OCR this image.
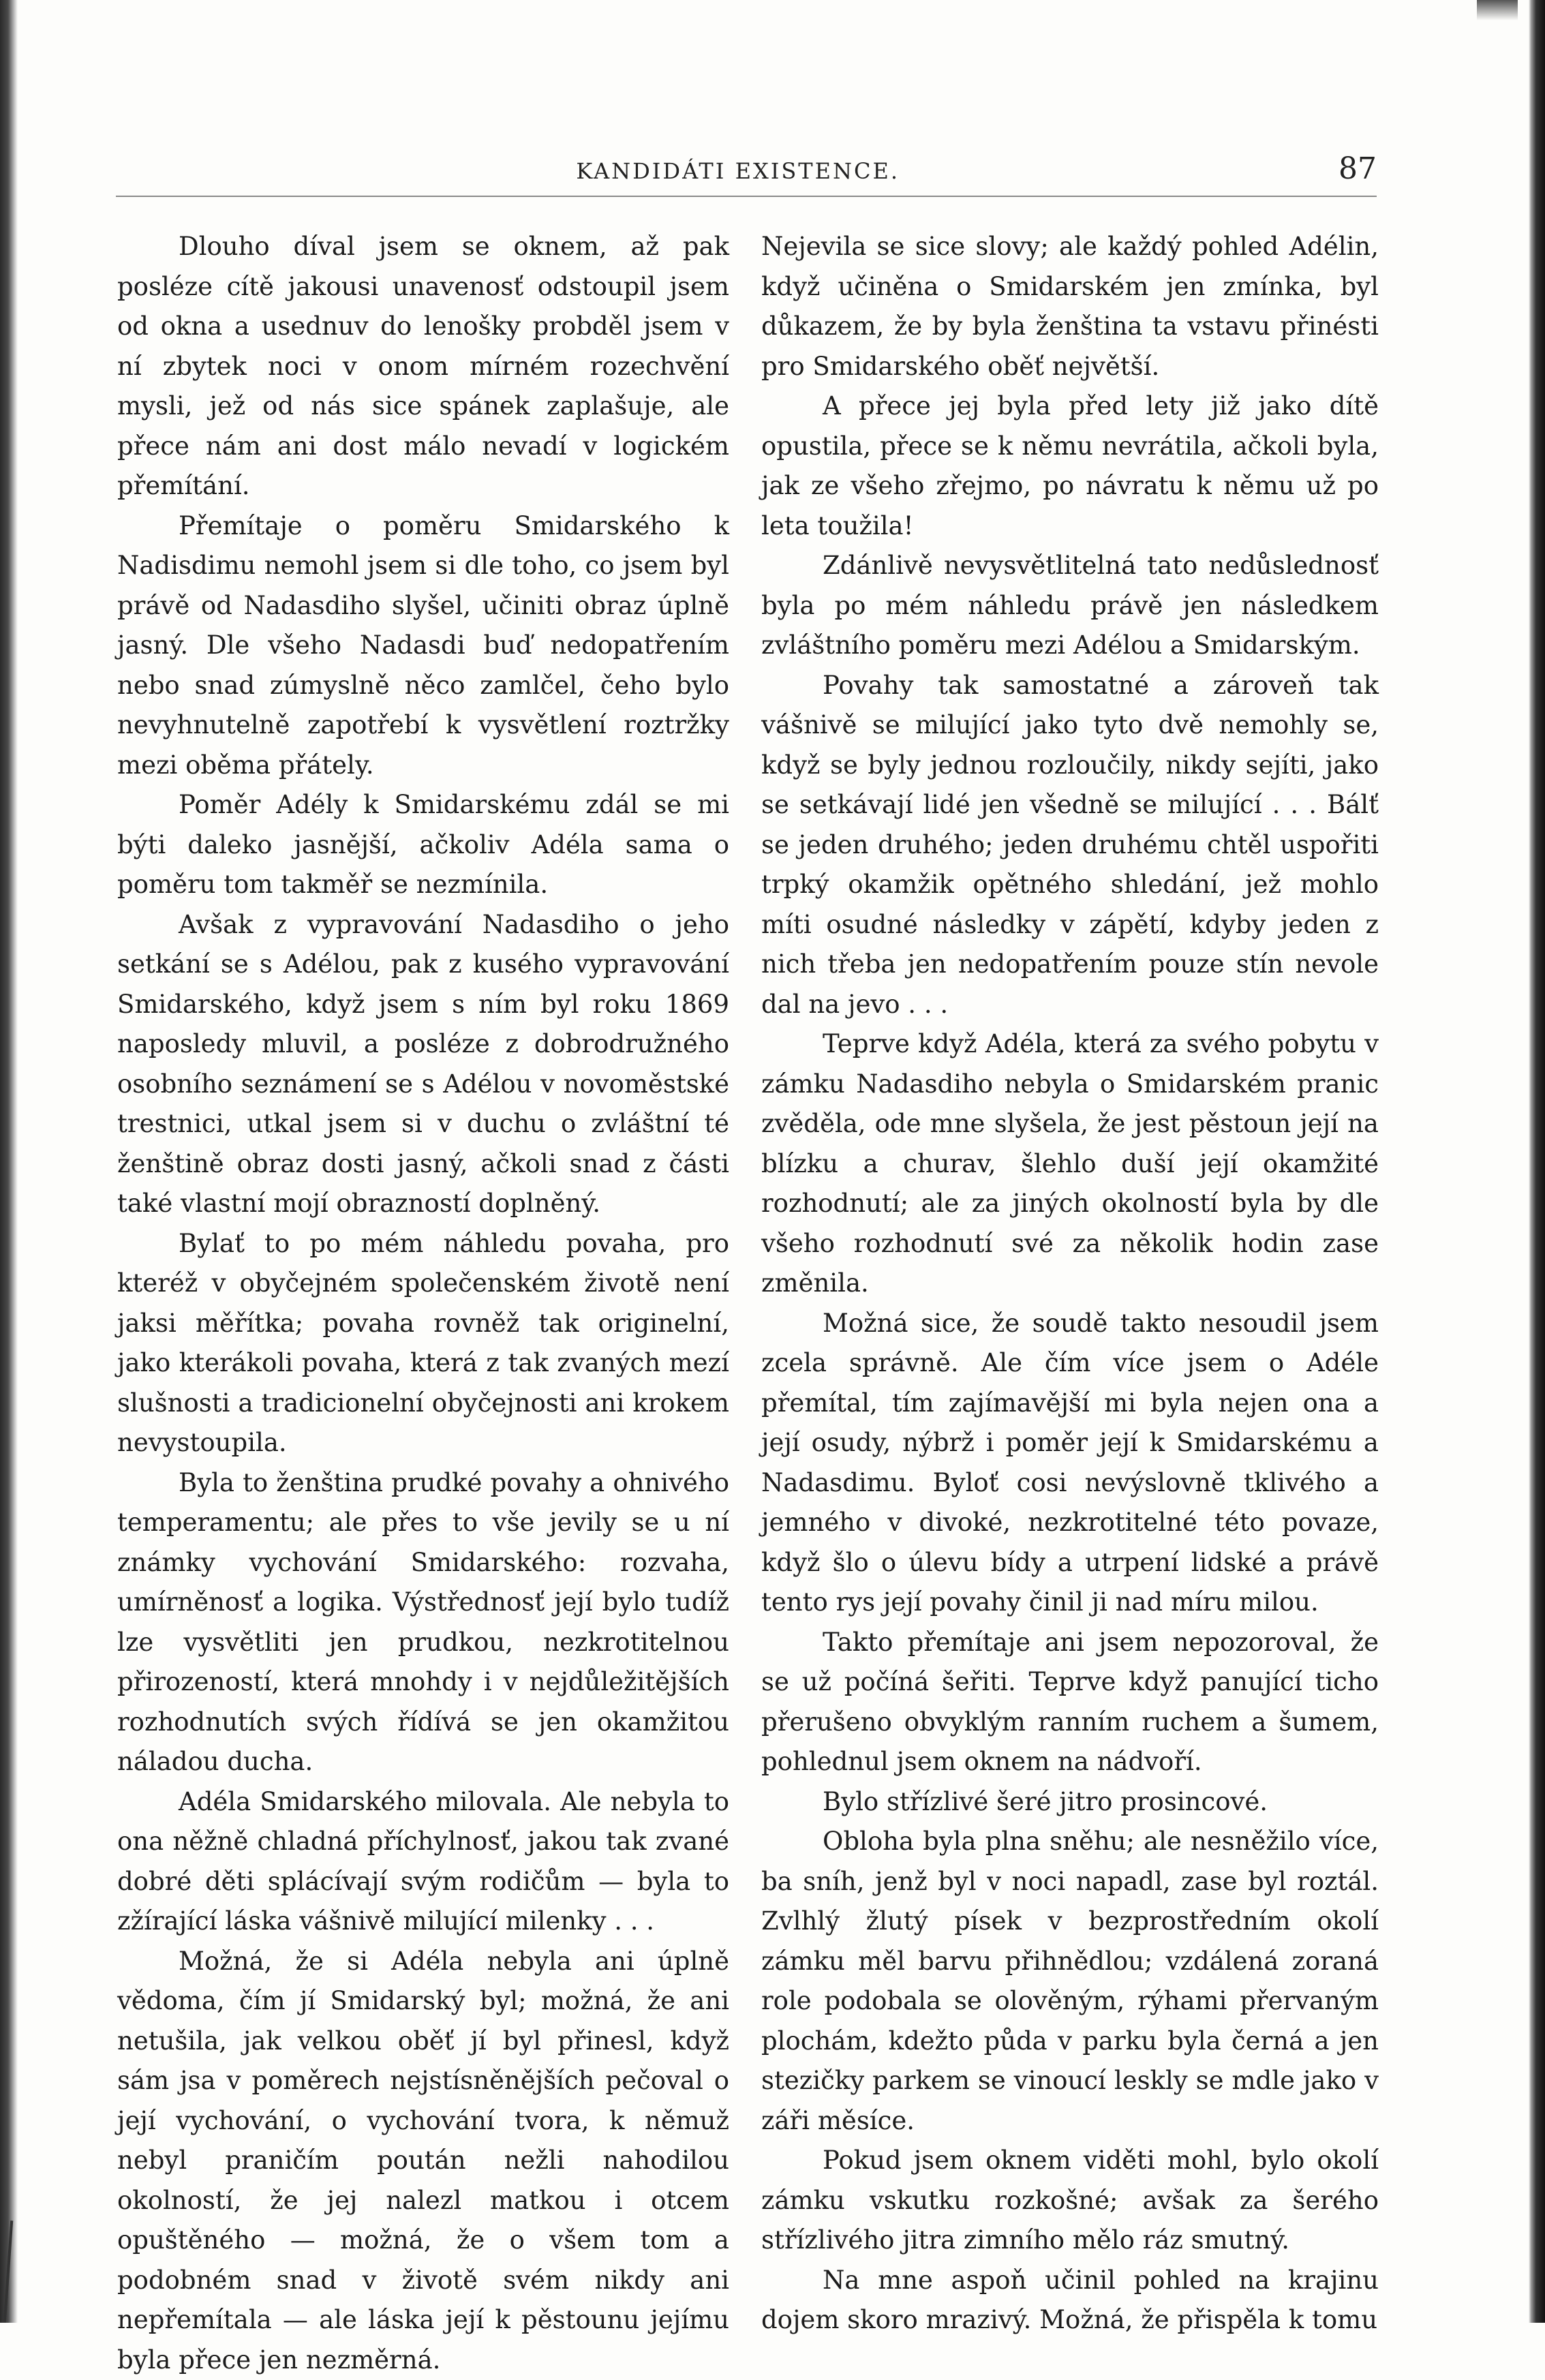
KANDIDÁTI EXISTENCE.	87

Dlouho díval jsem se oknem, až pak posléze cítě jakousi unavenosť odstoupil jsem od okna a usednuv do lenošky probděl jsem v ní zbytek noci v onom mírném rozechvění mysli, jež od nás sice spánek zaplašuje, ale přece nám ani dost málo nevadí v logickém přemítání.

Přemítaje o poměru Smidarského k Nadisdimu nemohl jsem si dle toho, co jsem byl právě od Nadasdiho slyšel, učiniti obraz úplně jasný. Dle všeho Nadasdi buď nedopatřením nebo snad zúmyslně něco zamlčel, čeho bylo nevyhnutelně zapotřebí k vysvětlení roztržky mezi oběma přátely.

Poměr Adély k Smidarskému zdál se mi býti daleko jasnější, ačkoliv Adéla sama o poměru tom takměř se nezmínila.

Avšak z vypravování Nadasdiho o jeho setkání se s Adélou, pak z kusého vypravování Smidarského, když jsem s ním byl roku 1869 naposledy mluvil, a posléze z dobrodružného osobního seznámení se s Adélou v novoměstské trestnici, utkal jsem si v duchu o zvláštní té ženštině obraz dosti jasný, ačkoli snad z části také vlastní mojí obrazností doplněný.

Bylať to po mém náhledu povaha, pro kteréž v obyčejném společenském životě není jaksi měřítka; povaha rovněž tak originelní, jako kterákoli povaha, která z tak zvaných mezí slušnosti a tradicionelní obyčejnosti ani krokem nevystoupila.

Byla to ženština prudké povahy a ohnivého temperamentu; ale přes to vše jevily se u ní známky vychování Smidarského: rozvaha, umírněnosť a logika. Výstřednosť její bylo tudíž lze vysvětliti jen prudkou, nezkrotitelnou přirozeností, která mnohdy i v nejdůležitějších rozhodnutích svých řídívá se jen okamžitou náladou ducha.

Adéla Smidarského milovala. Ale nebyla to ona něžně chladná příchylnosť, jakou tak zvané dobré děti splácívají svým rodičům — byla to zžírající láska vášnivě milující milenky . . .

Možná, že si Adéla nebyla ani úplně vědoma, čím jí Smidarský byl; možná, že ani netušila, jak velkou oběť jí byl přinesl, když sám jsa v poměrech nejstísněnějších pečoval o její vychování, o vychování tvora, k němuž nebyl praničím poután nežli nahodilou okolností, že jej nalezl matkou i otcem opuštěného — možná, že o všem tom a podobném snad v životě svém nikdy ani nepřemítala — ale láska její k pěstounu jejímu byla přece jen nezměrná.

Nejevila se sice slovy; ale každý pohled Adélin, když učiněna o Smidarském jen zmínka, byl důkazem, že by byla ženština ta vstavu přinésti pro Smidarského oběť největší.

A přece jej byla před lety již jako dítě opustila, přece se k němu nevrátila, ačkoli byla, jak ze všeho zřejmo, po návratu k němu už po leta toužila!

Zdánlivě nevysvětlitelná tato nedůslednosť byla po mém náhledu právě jen následkem zvláštního poměru mezi Adélou a Smidarským.

Povahy tak samostatné a zároveň tak vášnivě se milující jako tyto dvě nemohly se, když se byly jednou rozloučily, nikdy sejíti, jako se setkávají lidé jen všedně se milující . . . Bálť se jeden druhého; jeden druhému chtěl uspořiti trpký okamžik opětného shledání, jež mohlo míti osudné následky v zápětí, kdyby jeden z nich třeba jen nedopatřením pouze stín nevole dal na jevo . . .

Teprve když Adéla, která za svého pobytu v zámku Nadasdiho nebyla o Smidarském pranic zvěděla, ode mne slyšela, že jest pěstoun její na blízku a churav, šlehlo duší její okamžité rozhodnutí; ale za jiných okolností byla by dle všeho rozhodnutí své za několik hodin zase změnila.

Možná sice, že soudě takto nesoudil jsem zcela správně. Ale čím více jsem o Adéle přemítal, tím zajímavější mi byla nejen ona a její osudy, nýbrž i poměr její k Smidarskému a Nadasdimu. Bylоť cosi nevýslovně tklivého a jemného v divoké, nezkrotitelné této povaze, když šlo o úlevu bídy a utrpení lidské a právě tento rys její povahy činil ji nad míru milou.

Takto přemítaje ani jsem nepozoroval, že se už počíná šeřiti. Teprve když panující ticho přerušeno obvyklým ranním ruchem a šumem, pohlednul jsem oknem na nádvoří.

Bylo střízlivé šeré jitro prosincové.

Obloha byla plna sněhu; ale nesněžilo více, ba sníh, jenž byl v noci napadl, zase byl roztál. Zvlhlý žlutý písek v bezprostředním okolí zámku měl barvu přihnědlou; vzdálená zoraná role podobala se olověným, rýhami přervaným plochám, kdežto půda v parku byla černá a jen stezičky parkem se vinoucí leskly se mdle jako v záři měsíce.

Pokud jsem oknem viděti mohl, bylo okolí zámku vskutku rozkošné; avšak za šerého střízlivého jitra zimního mělo ráz smutný.

Na mne aspoň učinil pohled na krajinu dojem skoro mrazivý. Možná, že přispěla k tomu
